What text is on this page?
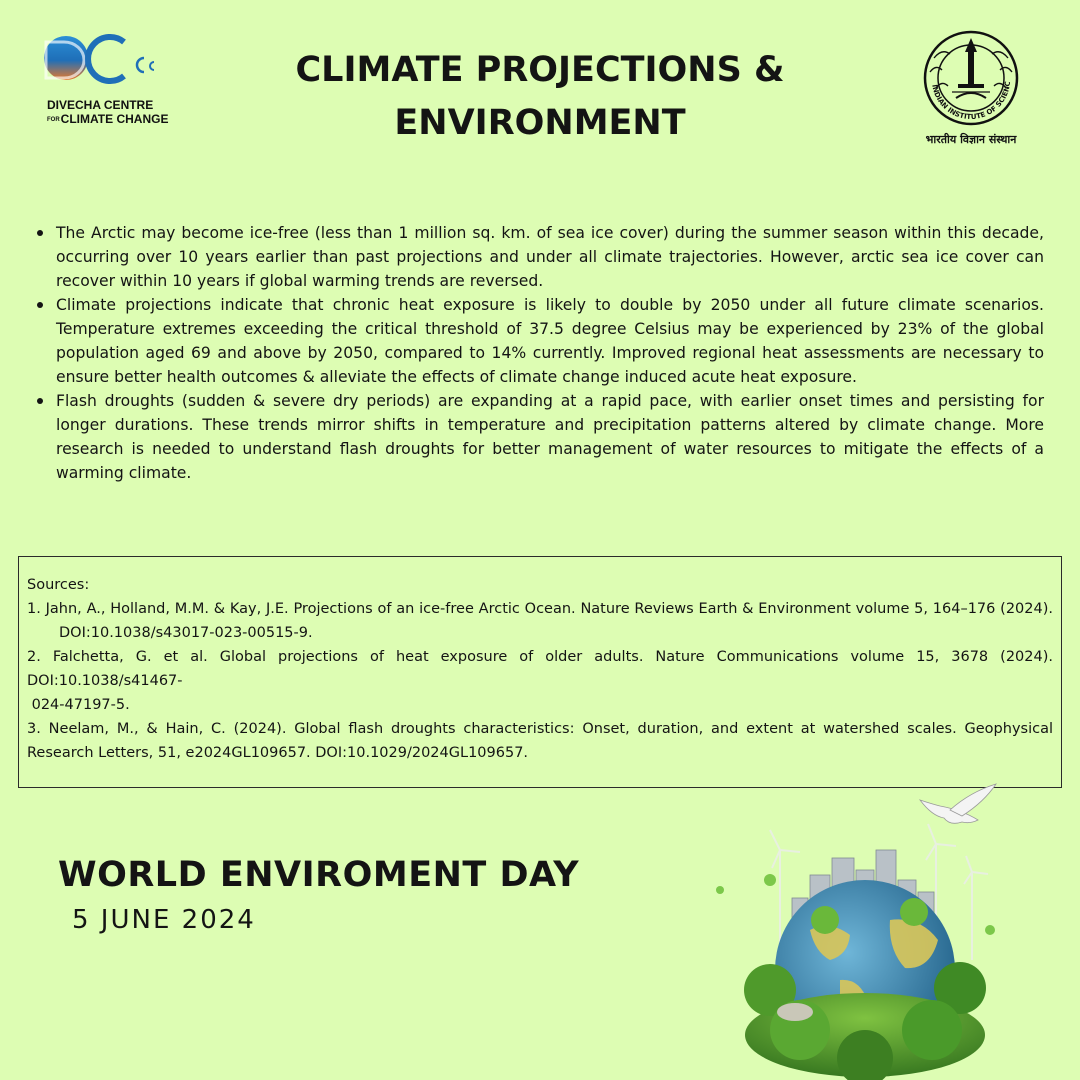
DIVECHA CENTRE
FORCLIMATE CHANGE
CLIMATE PROJECTIONS & ENVIRONMENT
INDIAN INSTITUTE OF SCIENC
भारतीय विज्ञान संस्थान
The Arctic may become ice-free (less than 1 million sq. km. of sea ice cover) during the summer season within this decade, occurring over 10 years earlier than past projections and under all climate trajectories. However, arctic sea ice cover can recover within 10 years if global warming trends are reversed.
Climate projections indicate that chronic heat exposure is likely to double by 2050 under all future climate scenarios. Temperature extremes exceeding the critical threshold of 37.5 degree Celsius may be experienced by 23% of the global population aged 69 and above by 2050, compared to 14% currently. Improved regional heat assessments are necessary to ensure better health outcomes & alleviate the effects of climate change induced acute heat exposure.
Flash droughts (sudden & severe dry periods) are expanding at a rapid pace, with earlier onset times and persisting for longer durations. These trends mirror shifts in temperature and precipitation patterns altered by climate change. More research is needed to understand flash droughts for better management of water resources to mitigate the effects of a warming climate.

Sources:

1. Jahn, A., Holland, M.M. & Kay, J.E. Projections of an ice-free Arctic Ocean. Nature Reviews Earth & Environment volume 5, 164–176 (2024).DOI:10.1038/s43017-023-00515-9.

2. Falchetta, G. et al. Global projections of heat exposure of older adults. Nature Communications volume 15, 3678 (2024). DOI:10.1038/s41467-

024-47197-5.

3. Neelam, M., & Hain, C. (2024). Global flash droughts characteristics: Onset, duration, and extent at watershed scales. Geophysical Research Letters, 51, e2024GL109657. DOI:10.1029/2024GL109657.

WORLD ENVIROMENT DAY
5 JUNE 2024
